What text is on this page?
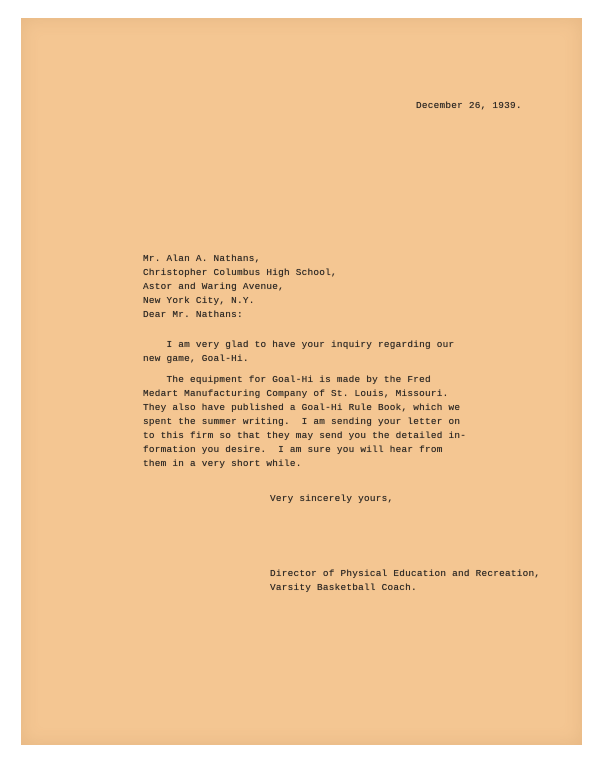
December 26, 1939.
Mr. Alan A. Nathans,
Christopher Columbus High School,
Astor and Waring Avenue,
New York City, N.Y.
Dear Mr. Nathans:
I am very glad to have your inquiry regarding our
new game, Goal-Hi.
The equipment for Goal-Hi is made by the Fred
Medart Manufacturing Company of St. Louis, Missouri.
They also have published a Goal-Hi Rule Book, which we
spent the summer writing.  I am sending your letter on
to this firm so that they may send you the detailed in-
formation you desire.  I am sure you will hear from
them in a very short while.
Very sincerely yours,
Director of Physical Education and Recreation,
Varsity Basketball Coach.
